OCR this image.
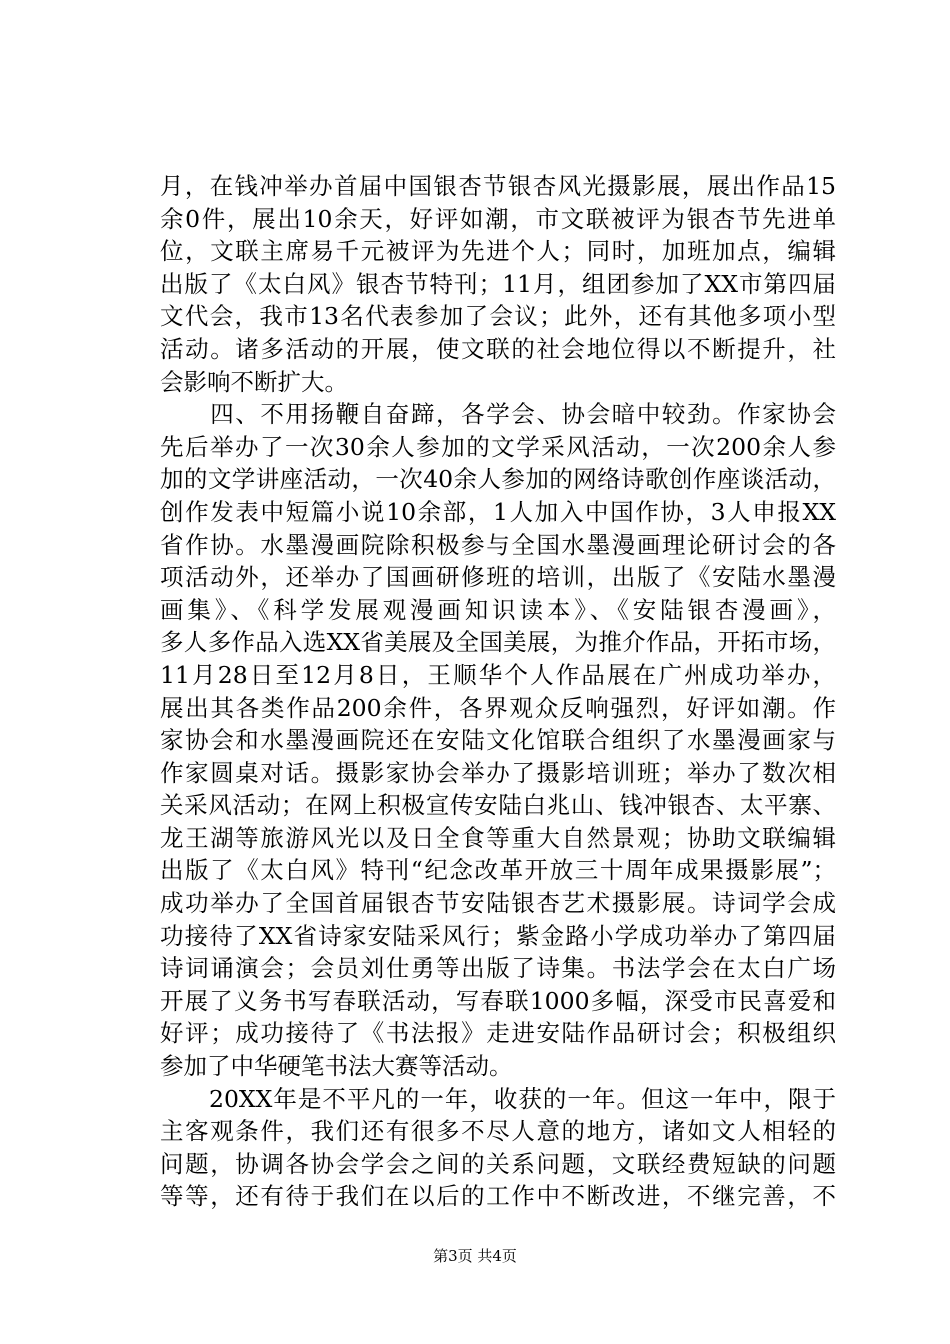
月，在钱冲举办首届中国银杏节银杏风光摄影展，展出作品15
余0件，展出10余天，好评如潮，市文联被评为银杏节先进单
位，文联主席易千元被评为先进个人；同时，加班加点，编辑
出版了《太白风》银杏节特刊；11月，组团参加了XX市第四届
文代会，我市13名代表参加了会议；此外，还有其他多项小型
活动。诸多活动的开展，使文联的社会地位得以不断提升，社
会影响不断扩大。
　　四、不用扬鞭自奋蹄，各学会、协会暗中较劲。作家协会
先后举办了一次30余人参加的文学采风活动，一次200余人参
加的文学讲座活动，一次40余人参加的网络诗歌创作座谈活动，
创作发表中短篇小说10余部，1人加入中国作协，3人申报XX
省作协。水墨漫画院除积极参与全国水墨漫画理论研讨会的各
项活动外，还举办了国画研修班的培训，出版了《安陆水墨漫
画集》、《科学发展观漫画知识读本》、《安陆银杏漫画》，
多人多作品入选XX省美展及全国美展，为推介作品，开拓市场，
11月28日至12月8日，王顺华个人作品展在广州成功举办，
展出其各类作品200余件，各界观众反响强烈，好评如潮。作
家协会和水墨漫画院还在安陆文化馆联合组织了水墨漫画家与
作家圆桌对话。摄影家协会举办了摄影培训班；举办了数次相
关采风活动；在网上积极宣传安陆白兆山、钱冲银杏、太平寨、
龙王湖等旅游风光以及日全食等重大自然景观；协助文联编辑
出版了《太白风》特刊“纪念改革开放三十周年成果摄影展”；
成功举办了全国首届银杏节安陆银杏艺术摄影展。诗词学会成
功接待了XX省诗家安陆采风行；紫金路小学成功举办了第四届
诗词诵演会；会员刘仕勇等出版了诗集。书法学会在太白广场
开展了义务书写春联活动，写春联1000多幅，深受市民喜爱和
好评；成功接待了《书法报》走进安陆作品研讨会；积极组织
参加了中华硬笔书法大赛等活动。
　　20XX年是不平凡的一年，收获的一年。但这一年中，限于
主客观条件，我们还有很多不尽人意的地方，诸如文人相轻的
问题，协调各协会学会之间的关系问题，文联经费短缺的问题
等等，还有待于我们在以后的工作中不断改进，不继完善，不
第3页 共4页
